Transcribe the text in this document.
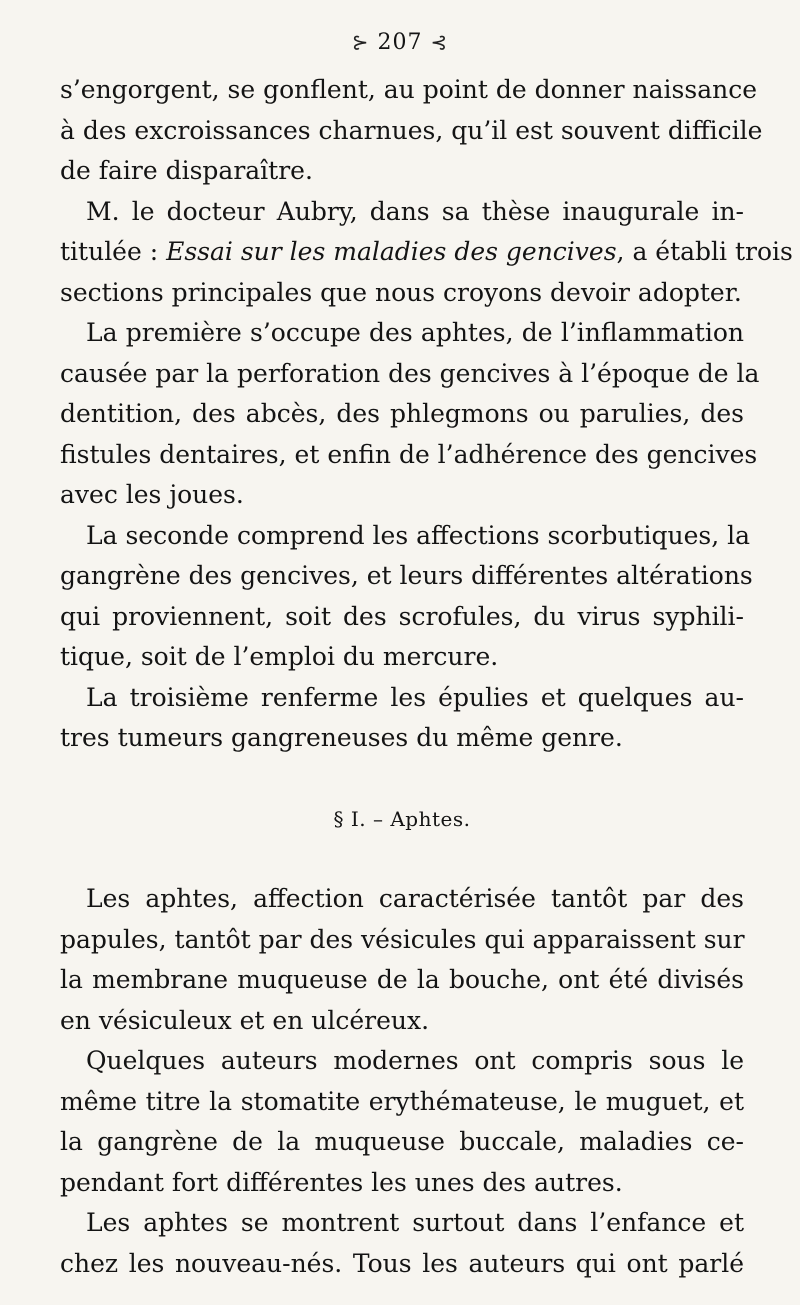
⊱ 207 ⊰
s’engorgent, se gonflent, au point de donner naissance
à des excroissances charnues, qu’il est souvent difficile
de faire disparaître.
M. le docteur Aubry, dans sa thèse inaugurale in-
titulée : Essai sur les maladies des gencives, a établi trois
sections principales que nous croyons devoir adopter.
La première s’occupe des aphtes, de l’inflammation
causée par la perforation des gencives à l’époque de la
dentition, des abcès, des phlegmons ou parulies, des
fistules dentaires, et enfin de l’adhérence des gencives
avec les joues.
La seconde comprend les affections scorbutiques, la
gangrène des gencives, et leurs différentes altérations
qui proviennent, soit des scrofules, du virus syphili-
tique, soit de l’emploi du mercure.
La troisième renferme les épulies et quelques au-
tres tumeurs gangreneuses du même genre.
§ I. – Aphtes.
Les aphtes, affection caractérisée tantôt par des
papules, tantôt par des vésicules qui apparaissent sur
la membrane muqueuse de la bouche, ont été divisés
en vésiculeux et en ulcéreux.
Quelques auteurs modernes ont compris sous le
même titre la stomatite erythémateuse, le muguet, et
la gangrène de la muqueuse buccale, maladies ce-
pendant fort différentes les unes des autres.
Les aphtes se montrent surtout dans l’enfance et
chez les nouveau-nés. Tous les auteurs qui ont parlé
